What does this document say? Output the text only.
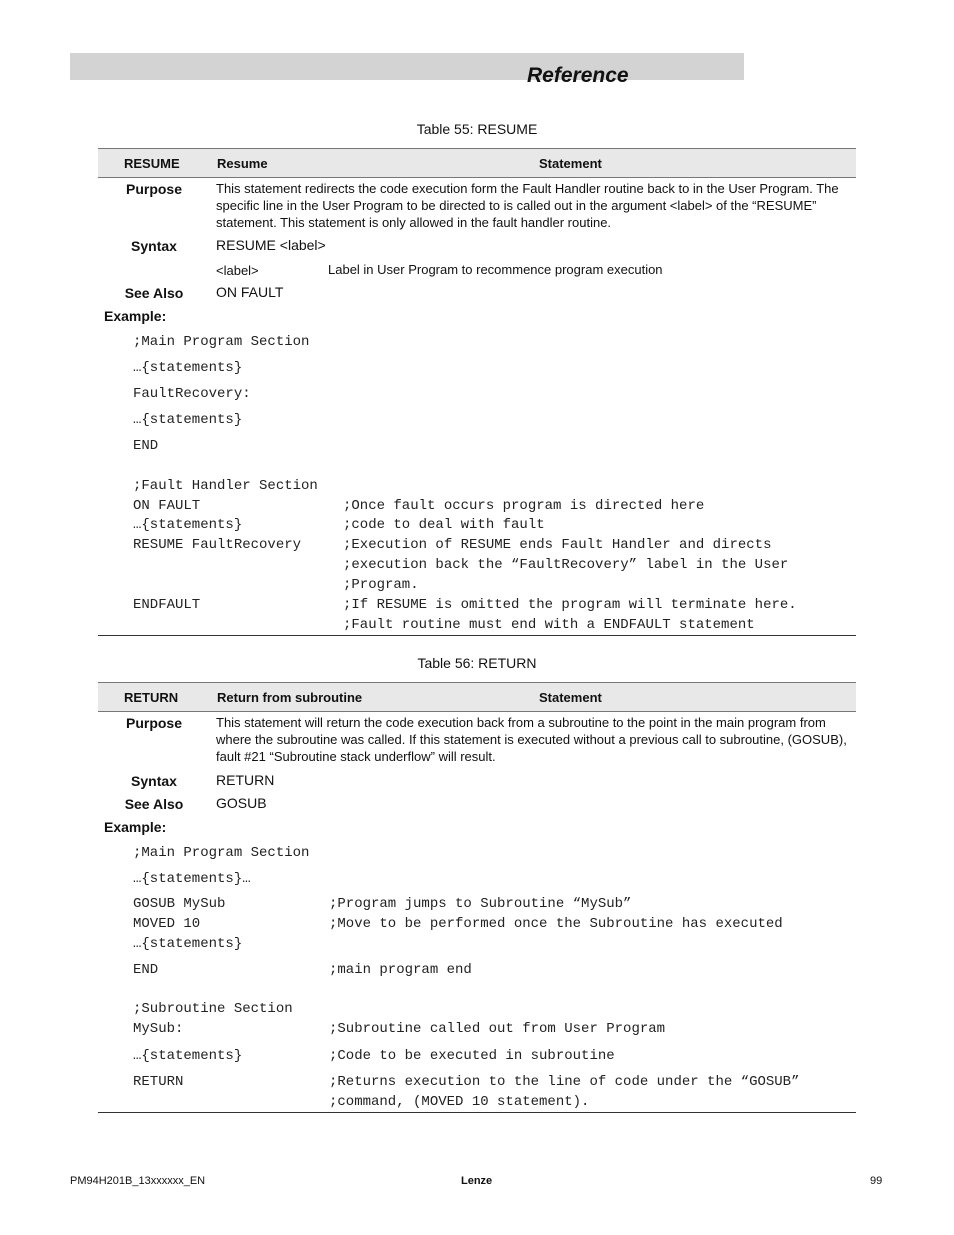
Reference
Table 55: RESUME
RESUME	Resume	Statement
Purpose	This statement redirects the code execution form the Fault Handler routine back to in the User Program. The specific line in the User Program to be directed to is called out in the argument <label> of the “RESUME” statement. This statement is only allowed in the fault handler routine.
Syntax	RESUME <label>
<label>	Label in User Program to recommence program execution
See Also	ON FAULT
Example:
;Main Program Section
…{statements}
FaultRecovery:
…{statements}
END
;Fault Handler Section
ON FAULT	;Once fault occurs program is directed here
…{statements}	;code to deal with fault
RESUME FaultRecovery	;Execution of RESUME ends Fault Handler and directs
;execution back the “FaultRecovery” label in the User
;Program.
ENDFAULT	;If RESUME is omitted the program will terminate here.
;Fault routine must end with a ENDFAULT statement
Table 56: RETURN
RETURN	Return from subroutine	Statement
Purpose	This statement will return the code execution back from a subroutine to the point in the main program from where the subroutine was called. If this statement is executed without a previous call to subroutine, (GOSUB), fault #21 “Subroutine stack underflow” will result.
Syntax	RETURN
See Also	GOSUB
Example:
;Main Program Section
…{statements}…
GOSUB MySub	;Program jumps to Subroutine “MySub”
MOVED 10	;Move to be performed once the Subroutine has executed
…{statements}
END	;main program end
;Subroutine Section
MySub:	;Subroutine called out from User Program
…{statements}	;Code to be executed in subroutine
RETURN	;Returns execution to the line of code under the “GOSUB”
;command, (MOVED 10 statement).
PM94H201B_13xxxxxx_EN	Lenze	99
